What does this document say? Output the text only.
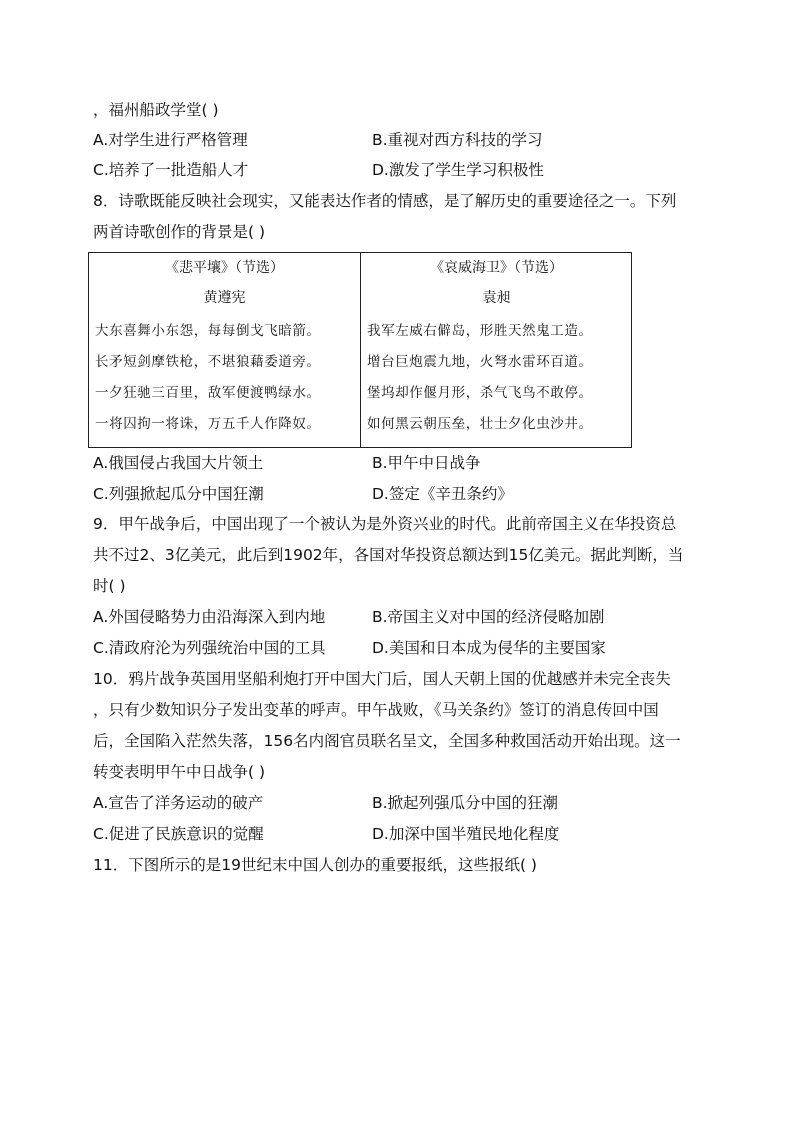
，福州船政学堂( )
A.对学生进行严格管理	B.重视对西方科技的学习
C.培养了一批造船人才	D.激发了学生学习积极性
8．诗歌既能反映社会现实，又能表达作者的情感，是了解历史的重要途径之一。下列
两首诗歌创作的背景是( )
《悲平壤》（节选）
黄遵宪
大东喜舞小东怨，每每倒戈飞暗箭。
长矛短剑摩铁枪，不堪狼藉委道旁。
一夕狂驰三百里，敌军便渡鸭绿水。
一将囚拘一将诛，万五千人作降奴。
《哀威海卫》（节选）
袁昶
我军左威右僻岛，形胜天然鬼工造。
增台巨炮震九地，火弩水雷环百道。
堡坞却作偃月形，杀气飞鸟不敢停。
如何黑云朝压垒，壮士夕化虫沙井。
A.俄国侵占我国大片领土	B.甲午中日战争
C.列强掀起瓜分中国狂潮	D.签定《辛丑条约》
9．甲午战争后，中国出现了一个被认为是外资兴业的时代。此前帝国主义在华投资总
共不过2、3亿美元，此后到1902年，各国对华投资总额达到15亿美元。据此判断，当
时( )
A.外国侵略势力由沿海深入到内地	B.帝国主义对中国的经济侵略加剧
C.清政府沦为列强统治中国的工具	D.美国和日本成为侵华的主要国家
10．鸦片战争英国用坚船利炮打开中国大门后，国人天朝上国的优越感并未完全丧失
，只有少数知识分子发出变革的呼声。甲午战败，《马关条约》签订的消息传回中国
后，全国陷入茫然失落，156名内阁官员联名呈文，全国多种救国活动开始出现。这一
转变表明甲午中日战争( )
A.宣告了洋务运动的破产	B.掀起列强瓜分中国的狂潮
C.促进了民族意识的觉醒	D.加深中国半殖民地化程度
11．下图所示的是19世纪末中国人创办的重要报纸，这些报纸( )
